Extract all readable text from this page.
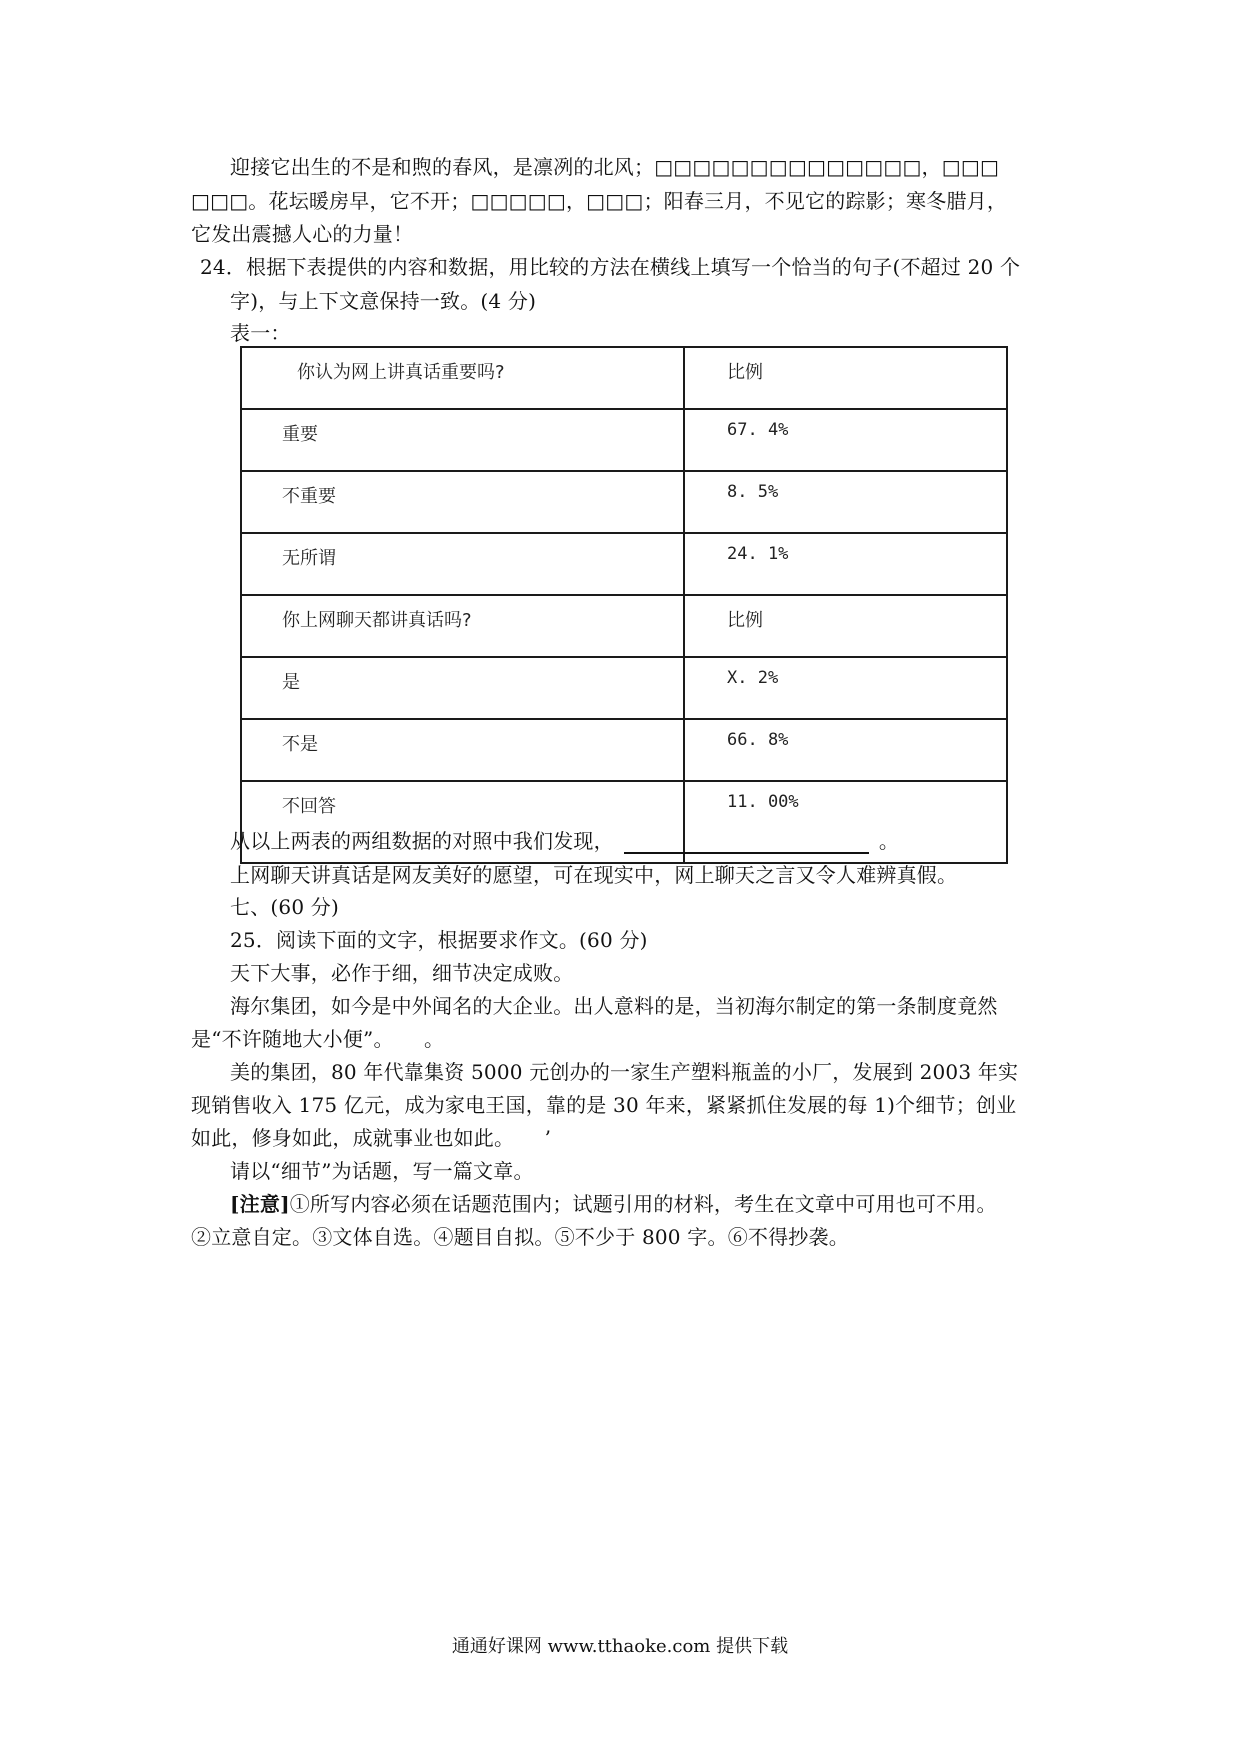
迎接它出生的不是和煦的春风，是凛冽的北风；□□□□□□□□□□□□□□，□□□
□□□。花坛暖房早，它不开；□□□□□，□□□；阳春三月，不见它的踪影；寒冬腊月，
它发出震撼人心的力量！
24．根据下表提供的内容和数据，用比较的方法在横线上填写一个恰当的句子(不超过 20 个
字)，与上下文意保持一致。(4 分)
表一：
你认为网上讲真话重要吗?	比例
重要	67. 4%
不重要	8. 5%
无所谓	24. 1%
你上网聊天都讲真话吗?	比例
是	X. 2%
不是	66. 8%
不回答	11. 00%
从以上两表的两组数据的对照中我们发现，	。
上网聊天讲真话是网友美好的愿望，可在现实中，网上聊天之言又令人难辨真假。
七、(60 分)
25．阅读下面的文字，根据要求作文。(60 分)
天下大事，必作于细，细节决定成败。
海尔集团，如今是中外闻名的大企业。出人意料的是，当初海尔制定的第一条制度竟然
是“不许随地大小便”。　　。
美的集团，80 年代靠集资 5000 元创办的一家生产塑料瓶盖的小厂，发展到 2003 年实
现销售收入 175 亿元，成为家电王国，靠的是 30 年来，紧紧抓住发展的每 1)个细节；创业
如此，修身如此，成就事业也如此。　　’
请以“细节”为话题，写一篇文章。
[注意]①所写内容必须在话题范围内；试题引用的材料，考生在文章中可用也可不用。
②立意自定。③文体自选。④题目自拟。⑤不少于 800 字。⑥不得抄袭。
通通好课网 www.tthaoke.com 提供下载
